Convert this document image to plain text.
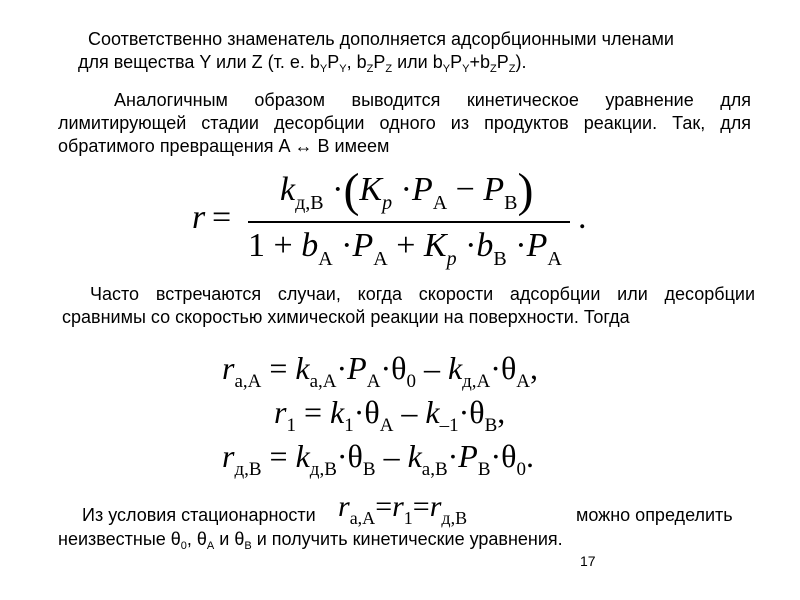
Соответственно знаменатель дополняется адсорбционными членами
для вещества Y или Z (т. е. $b_YP_Y$, $b_ZP_Z$ или $b_YP_Y+b_ZP_Z$).
Аналогичным образом выводится кинетическое уравнение для лимитирующей стадии десорбции одного из продуктов реакции. Так, для обратимого превращения A ↔ B имеем
r  =
$k_{д,B} \cdot(K_p \cdot P_A - P_B)$
$1 + b_A \cdot P_A + K_p \cdot b_B \cdot P_A$
.
Часто встречаются случаи, когда скорости адсорбции или десорбции сравнимы со скоростью химической реакции на поверхности. Тогда
$r_{а,A} = k_{а,A}\cdot P_A\cdot\theta_0 - k_{д,A}\cdot\theta_A$,
$r_1 = k_1\cdot\theta_A - k_{-1}\cdot\theta_B$,
$r_{д,B} = k_{д,B}\cdot\theta_B - k_{а,B}\cdot P_B\cdot\theta_0$.
Из условия стационарности $r_{а,A}=r_1=r_{д,B}$	можно определить
неизвестные $\theta_0$, $\theta_A$ и $\theta_B$ и получить кинетические уравнения.
17
